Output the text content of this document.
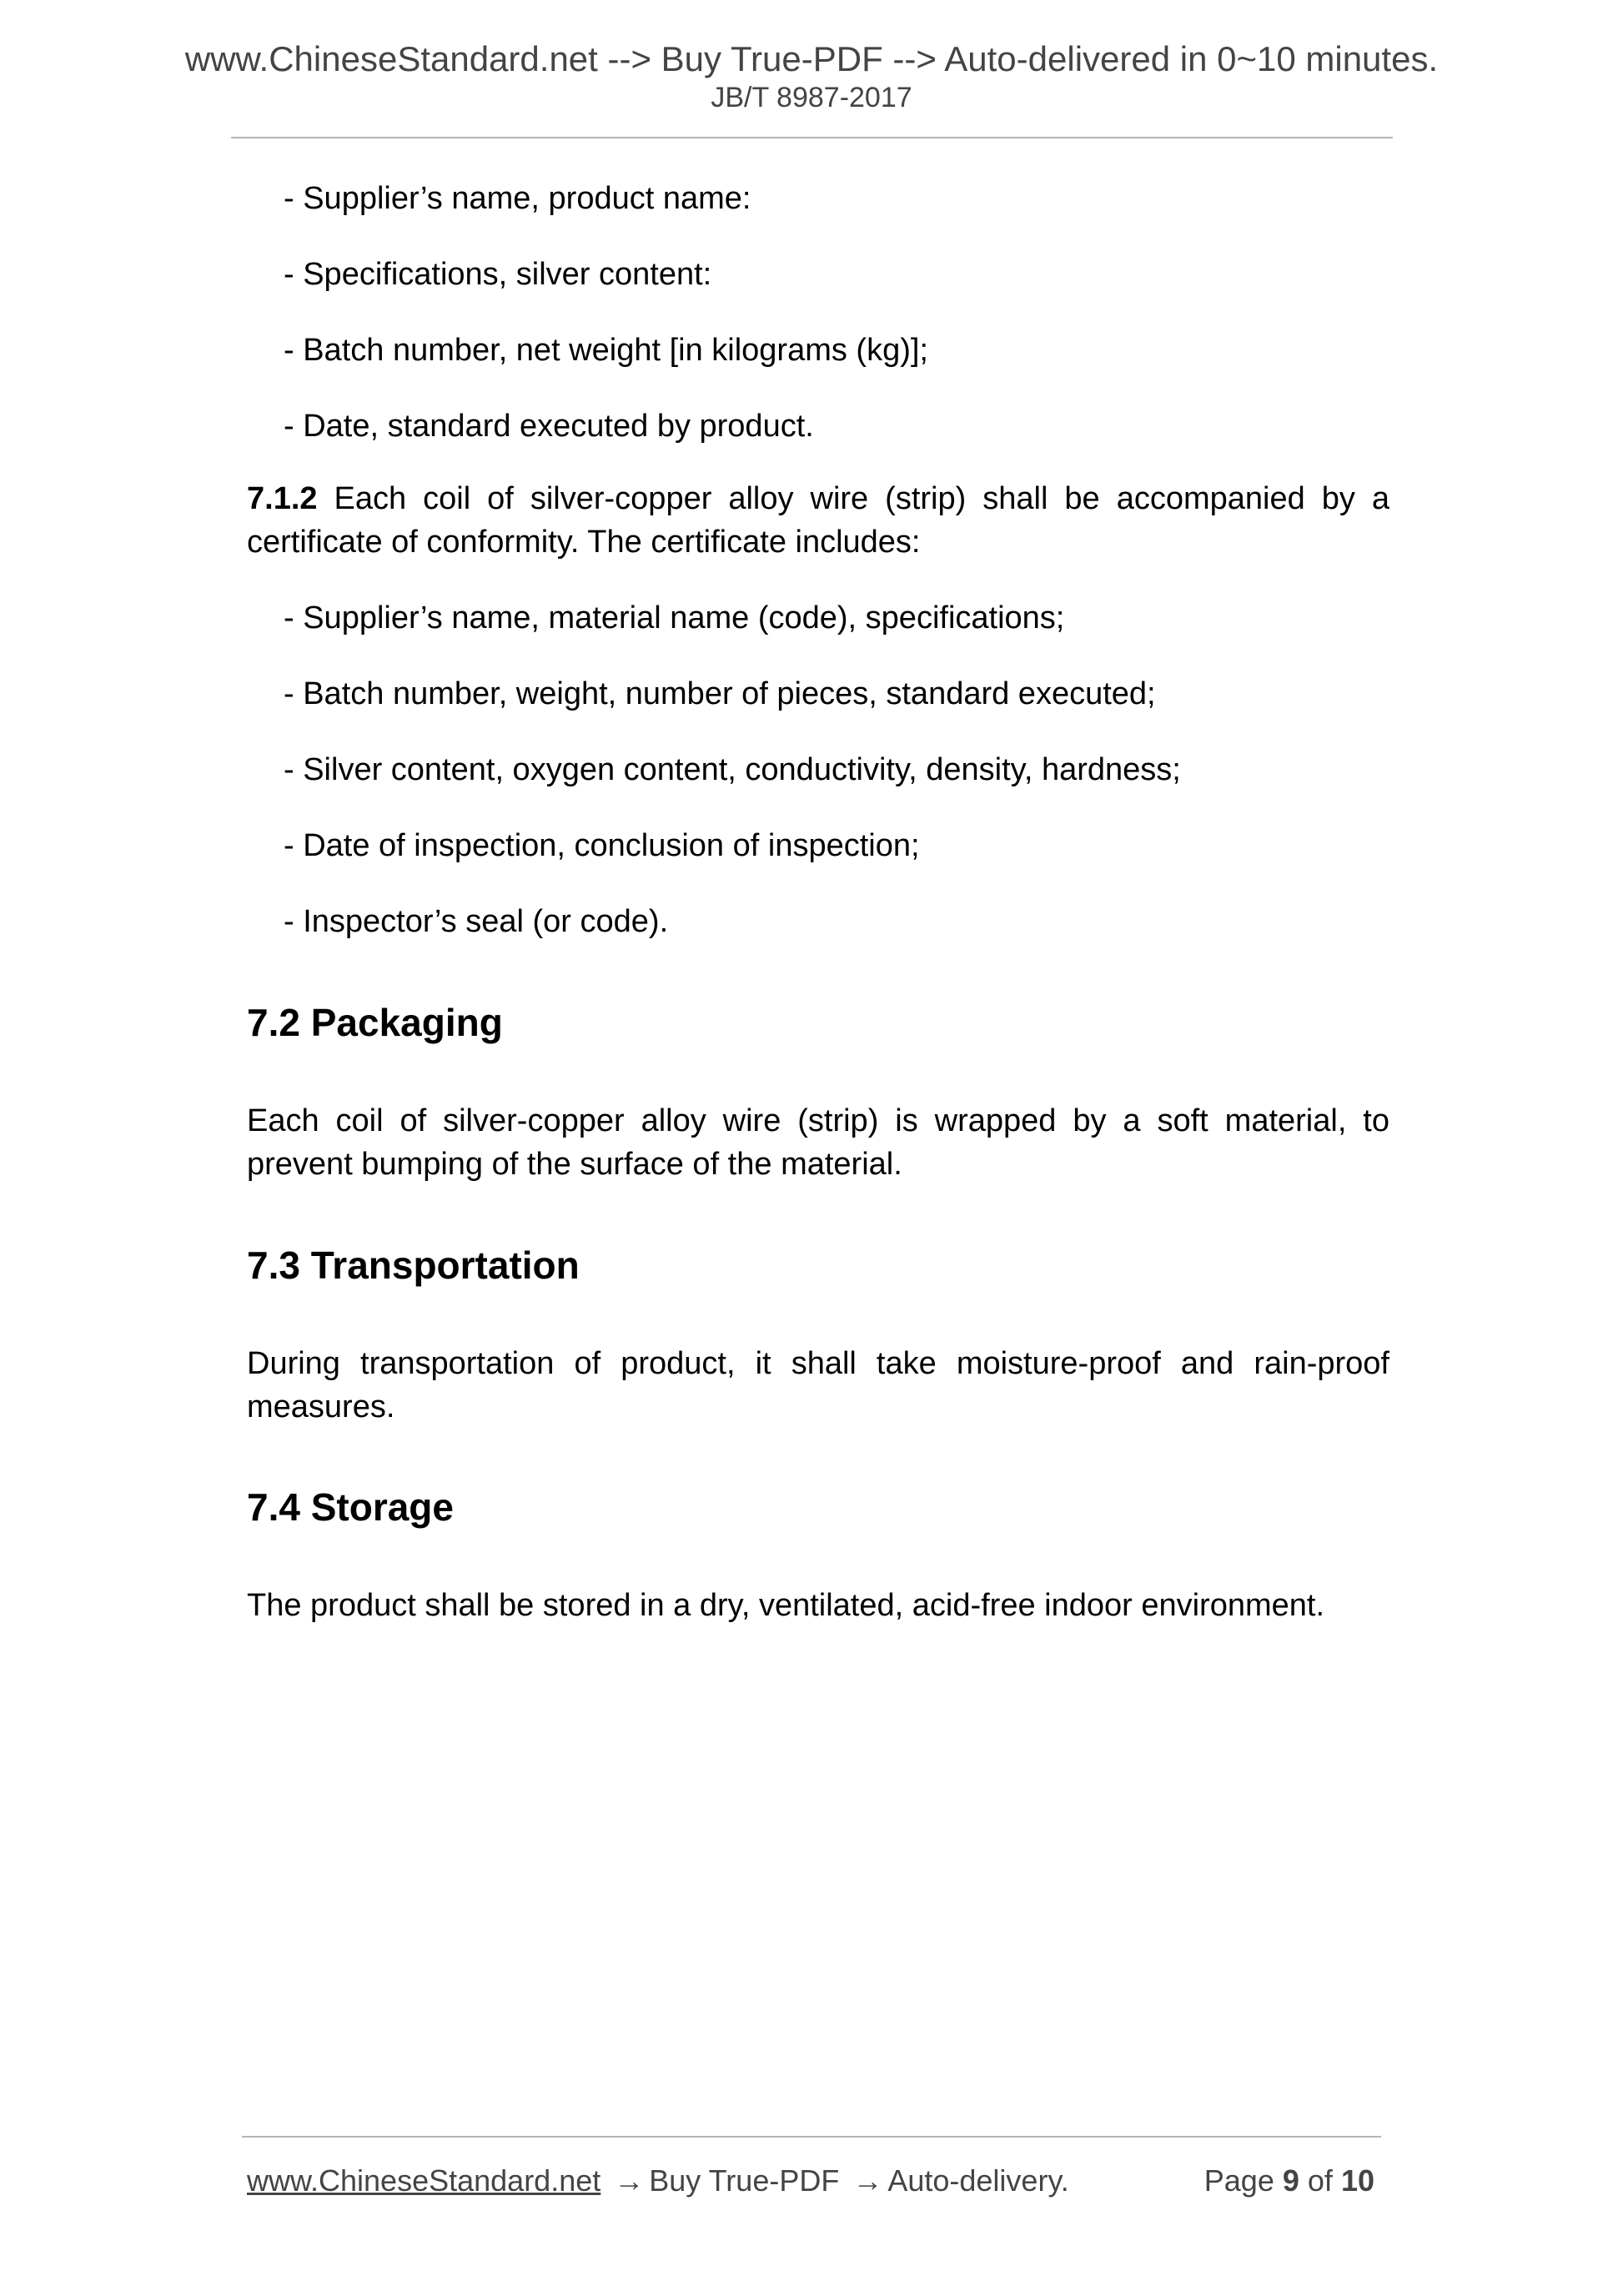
www.ChineseStandard.net --> Buy True-PDF --> Auto-delivered in 0~10 minutes.
JB/T 8987-2017
- Supplier’s name, product name:
- Specifications, silver content:
- Batch number, net weight [in kilograms (kg)];
- Date, standard executed by product.
7.1.2 Each coil of silver-copper alloy wire (strip) shall be accompanied by a certificate of conformity. The certificate includes:
- Supplier’s name, material name (code), specifications;
- Batch number, weight, number of pieces, standard executed;
- Silver content, oxygen content, conductivity, density, hardness;
- Date of inspection, conclusion of inspection;
- Inspector’s seal (or code).
7.2 Packaging
Each coil of silver-copper alloy wire (strip) is wrapped by a soft material, to prevent bumping of the surface of the material.
7.3 Transportation
During transportation of product, it shall take moisture-proof and rain-proof measures.
7.4 Storage
The product shall be stored in a dry, ventilated, acid-free indoor environment.
www.ChineseStandard.net → Buy True-PDF → Auto-delivery.	Page 9 of 10
